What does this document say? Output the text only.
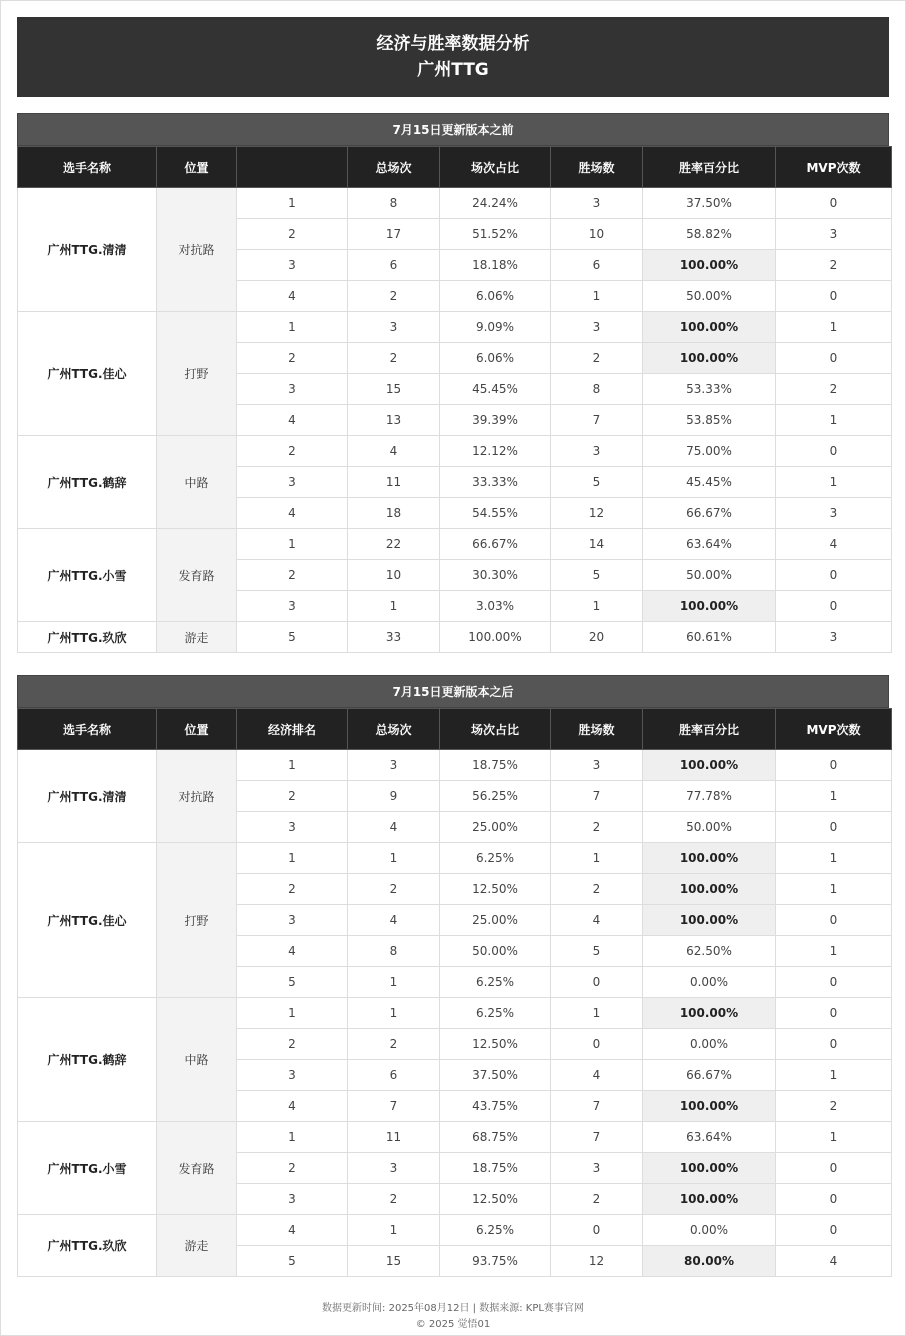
经济与胜率数据分析
广州TTG
7月15日更新版本之前
选手名称	位置		总场次	场次占比	胜场数	胜率百分比	MVP次数
广州TTG.清清	对抗路	1	8	24.24%	3	37.50%	0
		2	17	51.52%	10	58.82%	3
		3	6	18.18%	6	100.00%	2
		4	2	6.06%	1	50.00%	0
广州TTG.佳心	打野	1	3	9.09%	3	100.00%	1
		2	2	6.06%	2	100.00%	0
		3	15	45.45%	8	53.33%	2
		4	13	39.39%	7	53.85%	1
广州TTG.鹤辞	中路	2	4	12.12%	3	75.00%	0
		3	11	33.33%	5	45.45%	1
		4	18	54.55%	12	66.67%	3
广州TTG.小雪	发育路	1	22	66.67%	14	63.64%	4
		2	10	30.30%	5	50.00%	0
		3	1	3.03%	1	100.00%	0
广州TTG.玖欣	游走	5	33	100.00%	20	60.61%	3
7月15日更新版本之后
选手名称	位置	经济排名	总场次	场次占比	胜场数	胜率百分比	MVP次数
广州TTG.清清	对抗路	1	3	18.75%	3	100.00%	0
		2	9	56.25%	7	77.78%	1
		3	4	25.00%	2	50.00%	0
广州TTG.佳心	打野	1	1	6.25%	1	100.00%	1
		2	2	12.50%	2	100.00%	1
		3	4	25.00%	4	100.00%	0
		4	8	50.00%	5	62.50%	1
		5	1	6.25%	0	0.00%	0
广州TTG.鹤辞	中路	1	1	6.25%	1	100.00%	0
		2	2	12.50%	0	0.00%	0
		3	6	37.50%	4	66.67%	1
		4	7	43.75%	7	100.00%	2
广州TTG.小雪	发育路	1	11	68.75%	7	63.64%	1
		2	3	18.75%	3	100.00%	0
		3	2	12.50%	2	100.00%	0
广州TTG.玖欣	游走	4	1	6.25%	0	0.00%	0
		5	15	93.75%	12	80.00%	4
数据更新时间: 2025年08月12日 | 数据来源: KPL赛事官网
© 2025 觉悟01
